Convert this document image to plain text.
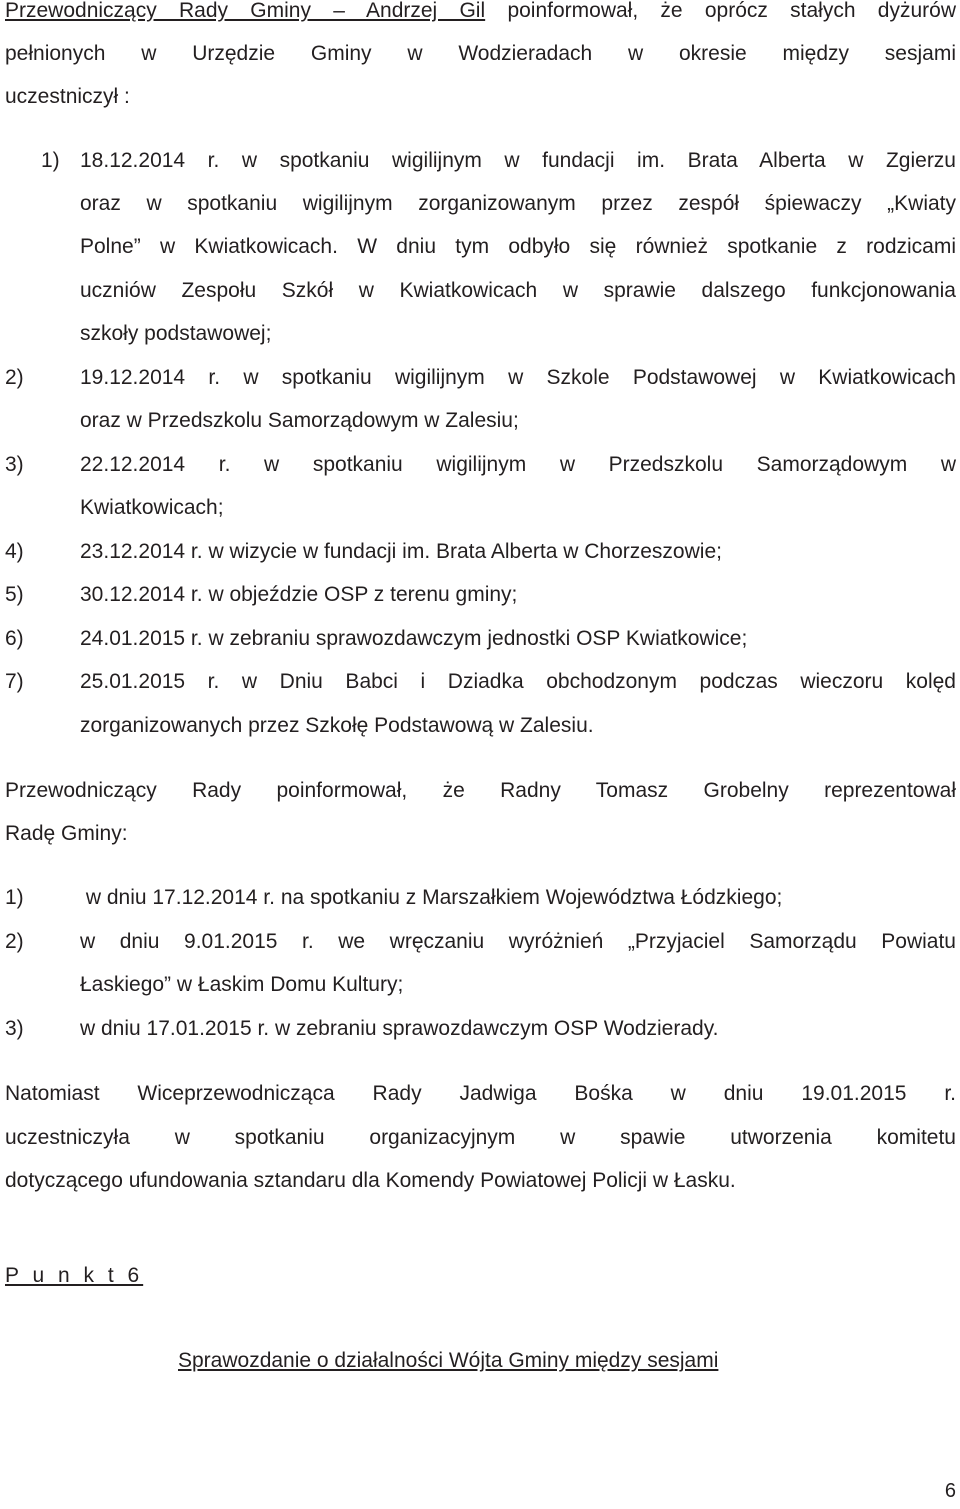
Przewodniczący Rady Gminy – Andrzej Gil poinformował, że oprócz stałych dyżurów
pełnionych w Urzędzie Gminy w Wodzieradach w okresie między sesjami
uczestniczył :
1) 18.12.2014 r. w spotkaniu wigilijnym w fundacji im. Brata Alberta w Zgierzu
oraz w spotkaniu wigilijnym zorganizowanym przez zespół śpiewaczy „Kwiaty
Polne” w Kwiatkowicach. W dniu tym odbyło się również spotkanie z rodzicami
uczniów Zespołu Szkół w Kwiatkowicach w sprawie dalszego funkcjonowania
szkoły podstawowej;
2)	19.12.2014 r. w spotkaniu wigilijnym w Szkole Podstawowej w Kwiatkowicach
oraz w Przedszkolu Samorządowym w Zalesiu;
3)	22.12.2014 r. w spotkaniu wigilijnym w Przedszkolu Samorządowym w
Kwiatkowicach;
4)	23.12.2014 r. w wizycie w fundacji im. Brata Alberta w Chorzeszowie;
5)	30.12.2014 r. w objeździe OSP z terenu gminy;
6)	24.01.2015 r. w zebraniu sprawozdawczym jednostki OSP Kwiatkowice;
7)	25.01.2015 r. w Dniu Babci i Dziadka obchodzonym podczas wieczoru kolęd
zorganizowanych przez Szkołę Podstawową w Zalesiu.
Przewodniczący Rady poinformował, że Radny Tomasz Grobelny reprezentował
Radę Gminy:
1)	w dniu 17.12.2014 r. na spotkaniu z Marszałkiem Województwa Łódzkiego;
2)	w dniu 9.01.2015 r. we wręczaniu wyróżnień „Przyjaciel Samorządu Powiatu
Łaskiego” w Łaskim Domu Kultury;
3)	w dniu 17.01.2015 r. w zebraniu sprawozdawczym OSP Wodzierady.
Natomiast Wiceprzewodnicząca Rady Jadwiga Bośka w dniu 19.01.2015 r.
uczestniczyła w spotkaniu organizacyjnym w spawie utworzenia komitetu
dotyczącego ufundowania sztandaru dla Komendy Powiatowej Policji w Łasku.
P u n k t 6
Sprawozdanie o działalności Wójta Gminy między sesjami
6
